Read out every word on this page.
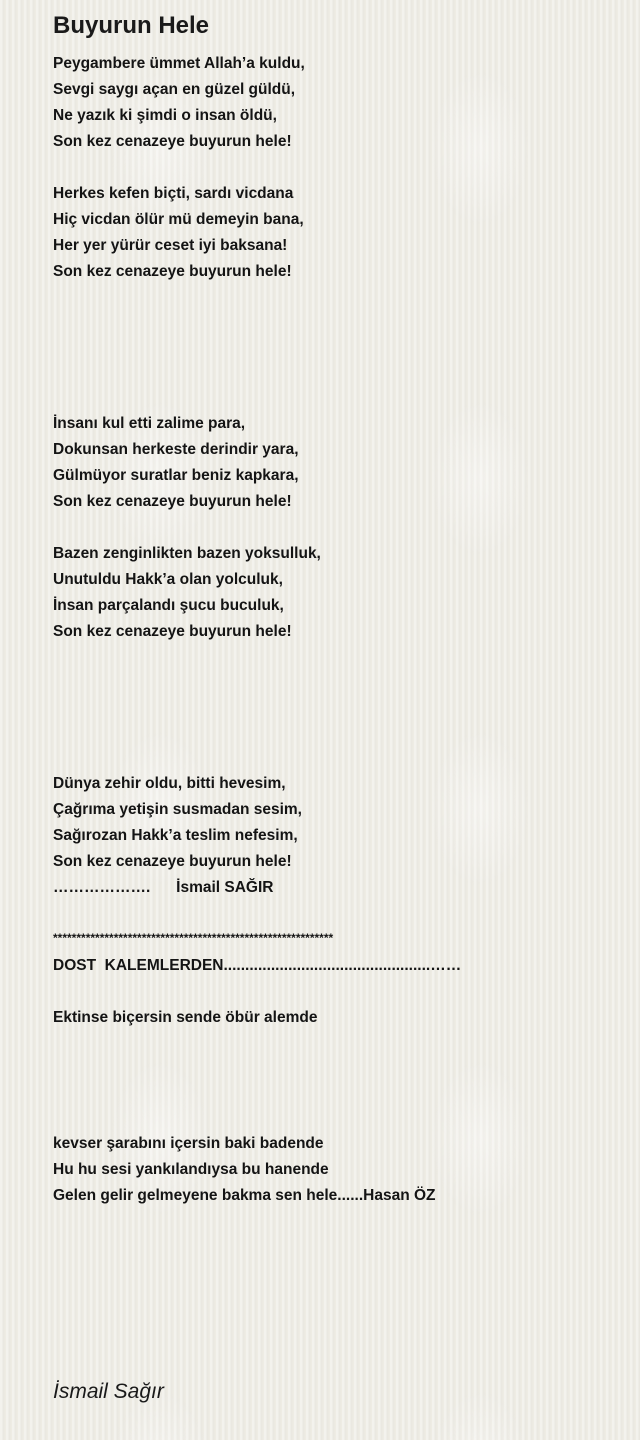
Buyurun Hele
Peygambere ümmet Allah’a kuldu,
Sevgi saygı açan en güzel güldü,
Ne yazık ki şimdi o insan öldü,
Son kez cenazeye buyurun hele!
Herkes kefen biçti, sardı vicdana
Hiç vicdan ölür mü demeyin bana,
Her yer yürür ceset iyi baksana!
Son kez cenazeye buyurun hele!
İnsanı kul etti zalime para,
Dokunsan herkeste derindir yara,
Gülmüyor suratlar beniz kapkara,
Son kez cenazeye buyurun hele!
Bazen zenginlikten bazen yoksulluk,
Unutuldu Hakk’a olan yolculuk,
İnsan parçalandı şucu buculuk,
Son kez cenazeye buyurun hele!
Dünya zehir oldu, bitti hevesim,
Çağrıma yetişin susmadan sesim,
Sağırozan Hakk’a teslim nefesim,
Son kez cenazeye buyurun hele!
……………….      İsmail SAĞIR
************************************************************
DOST  KALEMLERDEN................................................……
Ektinse biçersin sende öbür alemde
kevser şarabını içersin baki badende
Hu hu sesi yankılandıysa bu hanende
Gelen gelir gelmeyene bakma sen hele......Hasan ÖZ
İsmail Sağır
